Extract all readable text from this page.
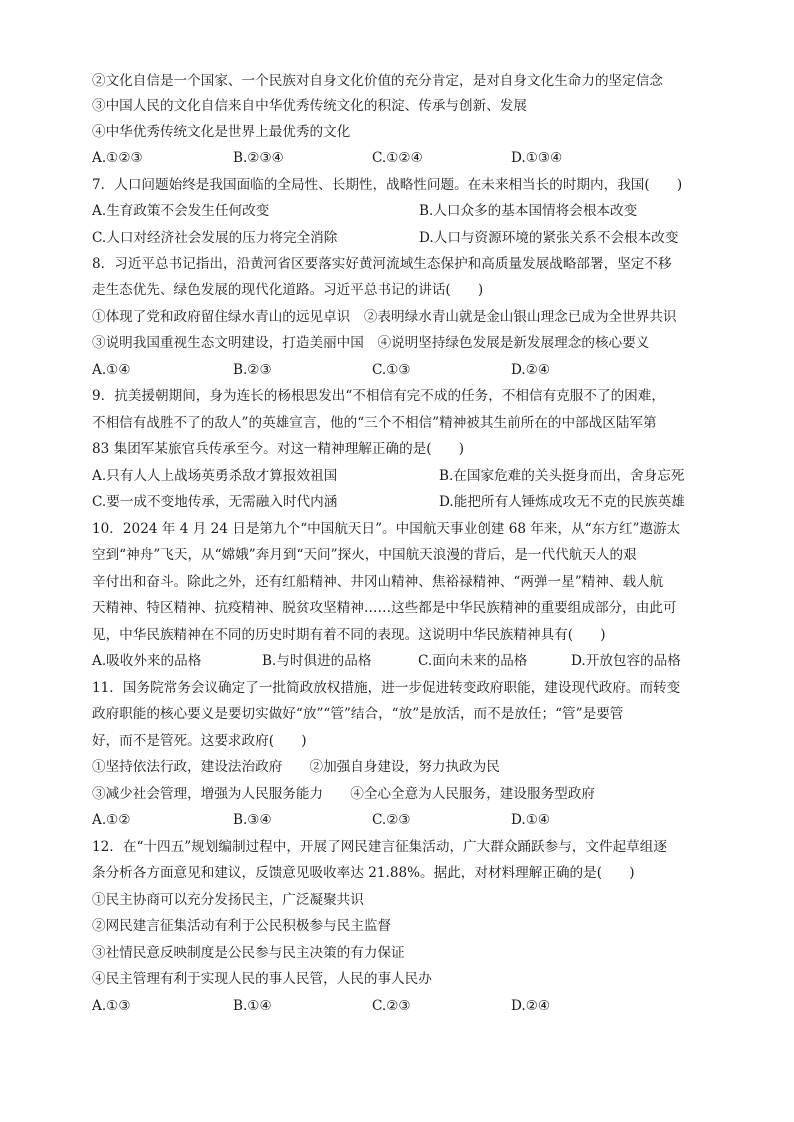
②文化自信是一个国家、一个民族对自身文化价值的充分肯定，是对自身文化生命力的坚定信念
③中国人民的文化自信来自中华优秀传统文化的积淀、传承与创新、发展
④中华优秀传统文化是世界上最优秀的文化
A.①②③	B.②③④	C.①②④	D.①③④
7．人口问题始终是我国面临的全局性、长期性，战略性问题。在未来相当长的时期内，我国(　　)
A.生育政策不会发生任何改变	B.人口众多的基本国情将会根本改变
C.人口对经济社会发展的压力将完全消除	D.人口与资源环境的紧张关系不会根本改变
8．习近平总书记指出，沿黄河省区要落实好黄河流域生态保护和高质量发展战略部署，坚定不移
走生态优先、绿色发展的现代化道路。习近平总书记的讲话(　　)
①体现了党和政府留住绿水青山的远见卓识　②表明绿水青山就是金山银山理念已成为全世界共识
③说明我国重视生态文明建设，打造美丽中国　④说明坚持绿色发展是新发展理念的核心要义
A.①④	B.②③	C.①③	D.②④
9．抗美援朝期间，身为连长的杨根思发出“不相信有完不成的任务，不相信有克服不了的困难，
不相信有战胜不了的敌人”的英雄宣言，他的“三个不相信”精神被其生前所在的中部战区陆军第
83 集团军某旅官兵传承至今。对这一精神理解正确的是(　　)
A.只有人人上战场英勇杀敌才算报效祖国	B.在国家危难的关头挺身而出，舍身忘死
C.要一成不变地传承，无需融入时代内涵	D.能把所有人锤炼成攻无不克的民族英雄
10．2024 年 4 月 24 日是第九个“中国航天日”。中国航天事业创建 68 年来，从“东方红”遨游太
空到“神舟”飞天，从“嫦娥”奔月到“天问”探火，中国航天浪漫的背后，是一代代航天人的艰
辛付出和奋斗。除此之外，还有红船精神、井冈山精神、焦裕禄精神、“两弹一星”精神、载人航
天精神、特区精神、抗疫精神、脱贫攻坚精神……这些都是中华民族精神的重要组成部分，由此可
见，中华民族精神在不同的历史时期有着不同的表现。这说明中华民族精神具有(　　)
A.吸收外来的品格	B.与时俱进的品格	C.面向未来的品格	D.开放包容的品格
11．国务院常务会议确定了一批简政放权措施，进一步促进转变政府职能，建设现代政府。而转变
政府职能的核心要义是要切实做好“放”“管”结合，“放”是放活，而不是放任；“管”是要管
好，而不是管死。这要求政府(　　)
①坚持依法行政，建设法治政府　　②加强自身建设，努力执政为民
③减少社会管理，增强为人民服务能力　　④全心全意为人民服务，建设服务型政府
A.①②	B.③④	C.②③	D.①④
12．在“十四五”规划编制过程中，开展了网民建言征集活动，广大群众踊跃参与，文件起草组逐
条分析各方面意见和建议，反馈意见吸收率达 21.88%。据此，对材料理解正确的是(　　)
①民主协商可以充分发扬民主，广泛凝聚共识
②网民建言征集活动有利于公民积极参与民主监督
③社情民意反映制度是公民参与民主决策的有力保证
④民主管理有利于实现人民的事人民管，人民的事人民办
A.①③	B.①④	C.②③	D.②④
